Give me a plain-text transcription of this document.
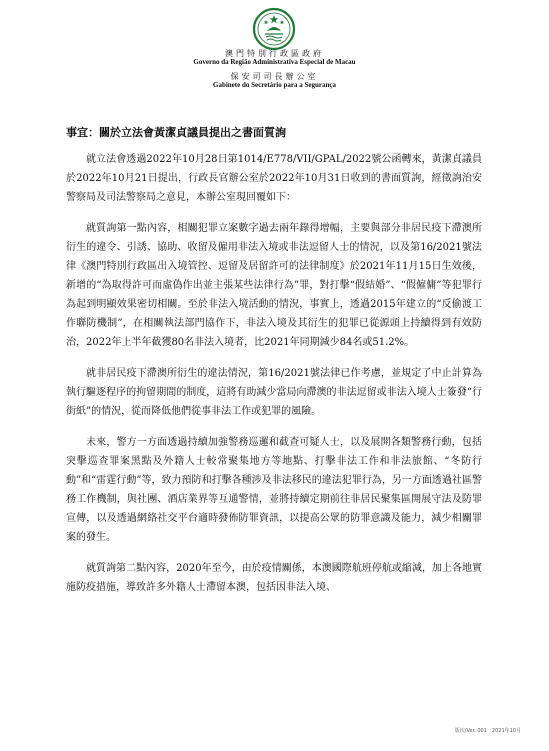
澳門特別行政區政府
Governo da Região Administrativa Especial de Macau
保安司司長辦公室
Gabinete do Secretário para a Segurança
事宜：關於立法會黃潔貞議員提出之書面質詢

就立法會透過2022年10月28日第1014/E778/VII/GPAL/2022號公函轉來，黃潔貞議員於2022年10月21日提出，行政長官辦公室於2022年10月31日收到的書面質詢，經徵詢治安警察局及司法警察局之意見，本辦公室現回覆如下：

就質詢第一點內容，相關犯罪立案數字過去兩年錄得增幅，主要與部分非居民疫下滯澳所衍生的違令、引誘、協助、收留及僱用非法入境或非法逗留人士的情況，以及第16/2021號法律《澳門特別行政區出入境管控、逗留及居留許可的法律制度》於2021年11月15日生效後，新增的“為取得許可而虛偽作出並主張某些法律行為”罪，對打擊“假結婚”、“假僱傭”等犯罪行為起到明顯效果密切相關。至於非法入境活動的情況，事實上，透過2015年建立的“反偷渡工作聯防機制”，在相關執法部門協作下，非法入境及其衍生的犯罪已從源頭上持續得到有效防治，2022年上半年截獲80名非法入境者，比2021年同期減少84名或51.2%。

就非居民疫下滯澳所衍生的違法情況，第16/2021號法律已作考慮，並規定了中止計算為執行驅逐程序的拘留期間的制度，這將有助減少當局向滯澳的非法逗留或非法入境人士簽發“行街紙”的情況，從而降低他們從事非法工作或犯罪的風險。

未來，警方一方面透過持續加強警務巡邏和截查可疑人士，以及展開各類警務行動，包括突擊巡查罪案黑點及外籍人士較常聚集地方等地點、打擊非法工作和非法旅館、“冬防行動”和“雷霆行動”等，致力預防和打擊各種涉及非法移民的違法犯罪行為，另一方面透過社區警務工作機制，與社團、酒店業界等互通警情，並將持續定期前往非居民聚集區開展守法及防罪宣傳，以及透過網絡社交平台適時發佈防罪資訊，以提高公眾的防罪意識及能力，減少相關罪案的發生。

就質詢第二點內容，2020年至今，由於疫情關係，本澳國際航班停航或縮減，加上各地實施防疫措施，導致許多外籍人士滯留本澳，包括因非法入境、

版次/Ver. 001　2021年10月
